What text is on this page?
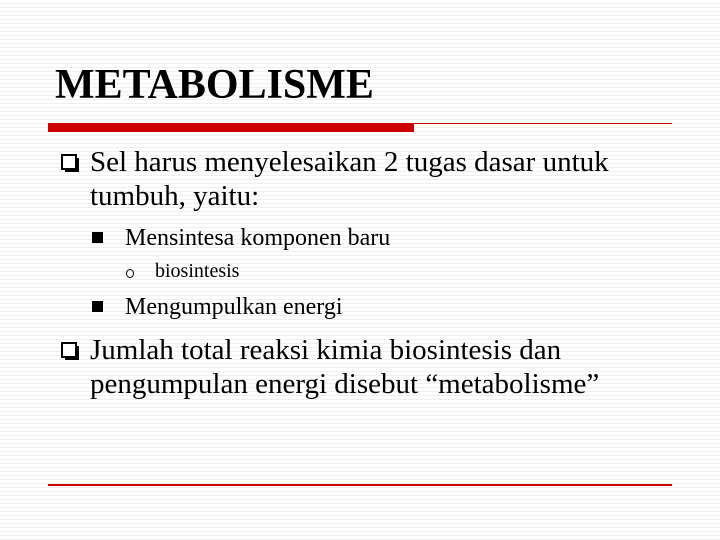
METABOLISME
Sel harus menyelesaikan 2 tugas dasar untuk
tumbuh, yaitu:
Mensintesa komponen baru
biosintesis
Mengumpulkan energi
Jumlah total reaksi kimia biosintesis dan
pengumpulan energi disebut “metabolisme”
